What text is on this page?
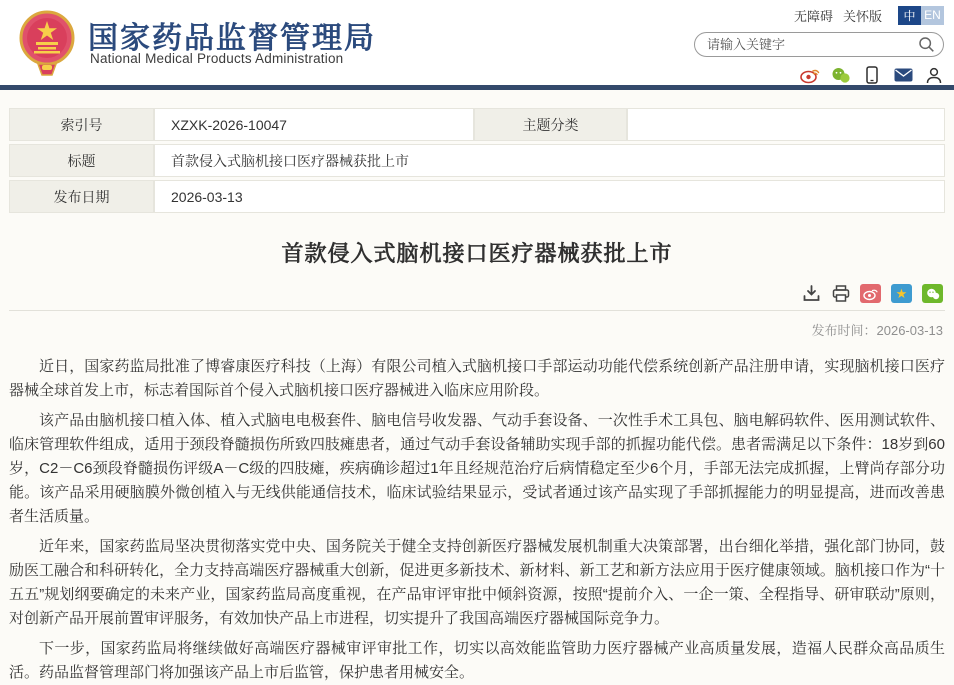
国家药品监督管理局
National Medical Products Administration
无障碍 关怀版	中 EN
请输入关键字
索引号	XZXK-2026-10047	主题分类
标题	首款侵入式脑机接口医疗器械获批上市
发布日期	2026-03-13
首款侵入式脑机接口医疗器械获批上市
★
发布时间：2026-03-13

近日，国家药监局批准了博睿康医疗科技（上海）有限公司植入式脑机接口手部运动功能代偿系统创新产品注册申请，实现脑机接口医疗器械全球首发上市，标志着国际首个侵入式脑机接口医疗器械进入临床应用阶段。

该产品由脑机接口植入体、植入式脑电电极套件、脑电信号收发器、气动手套设备、一次性手术工具包、脑电解码软件、医用测试软件、临床管理软件组成，适用于颈段脊髓损伤所致四肢瘫患者，通过气动手套设备辅助实现手部的抓握功能代偿。患者需满足以下条件：18岁到60岁，C2－C6颈段脊髓损伤评级A－C级的四肢瘫，疾病确诊超过1年且经规范治疗后病情稳定至少6个月，手部无法完成抓握，上臂尚存部分功能。该产品采用硬脑膜外微创植入与无线供能通信技术，临床试验结果显示，受试者通过该产品实现了手部抓握能力的明显提高，进而改善患者生活质量。

近年来，国家药监局坚决贯彻落实党中央、国务院关于健全支持创新医疗器械发展机制重大决策部署，出台细化举措，强化部门协同，鼓励医工融合和科研转化，全力支持高端医疗器械重大创新，促进更多新技术、新材料、新工艺和新方法应用于医疗健康领域。脑机接口作为“十五五”规划纲要确定的未来产业，国家药监局高度重视，在产品审评审批中倾斜资源，按照“提前介入、一企一策、全程指导、研审联动”原则，对创新产品开展前置审评服务，有效加快产品上市进程，切实提升了我国高端医疗器械国际竞争力。

下一步，国家药监局将继续做好高端医疗器械审评审批工作，切实以高效能监管助力医疗器械产业高质量发展，造福人民群众高品质生活。药品监督管理部门将加强该产品上市后监管，保护患者用械安全。
